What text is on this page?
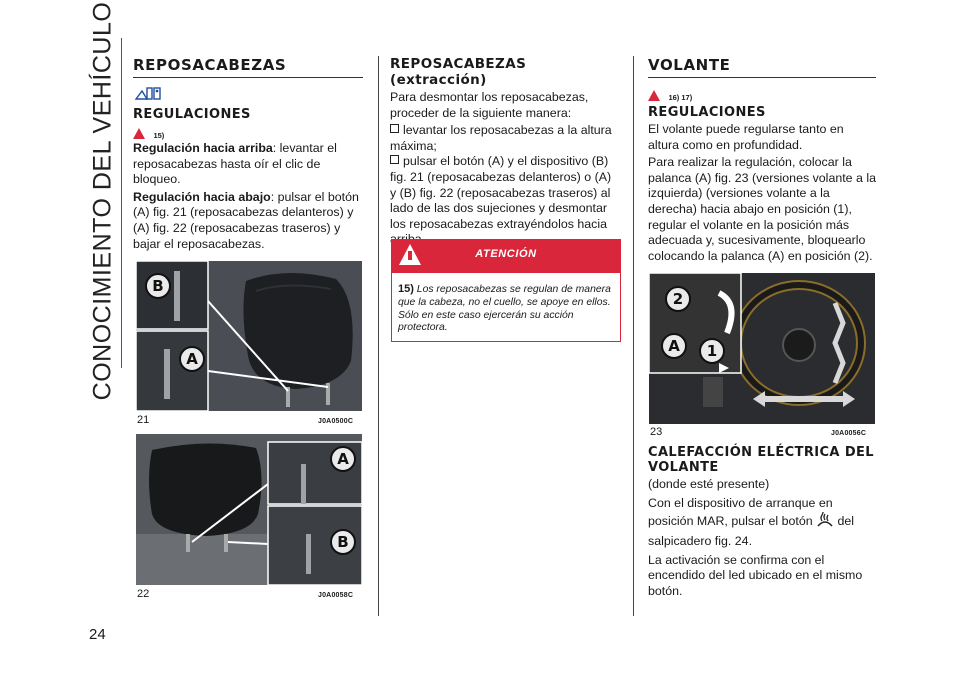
CONOCIMIENTO DEL VEHÍCULO
24
REPOSACABEZAS
REGULACIONES
15)

Regulación hacia arriba: levantar el reposacabezas hasta oír el clic de bloqueo.

Regulación hacia abajo: pulsar el botón (A) fig. 21 (reposacabezas delanteros) y (A) fig. 22 (reposacabezas traseros) y bajar el reposacabezas.

B
A
21	J0A0500C
A
B
22	J0A0058C
REPOSACABEZAS (extracción)

Para desmontar los reposacabezas, proceder de la siguiente manera:

levantar los reposacabezas a la altura máxima;

pulsar el botón (A) y el dispositivo (B) fig. 21 (reposacabezas delanteros) o (A) y (B) fig. 22 (reposacabezas traseros) al lado de las dos sujeciones y desmontar los reposacabezas extrayéndolos hacia

ATENCIÓN

15) Los reposacabezas se regulan de manera que la cabeza, no el cuello, se apoye en ellos. Sólo en este caso ejercerán su acción protectora.

VOLANTE
16) 17)
REGULACIONES

El volante puede regularse tanto en altura como en profundidad.

Para realizar la regulación, colocar la palanca (A) fig. 23 (versiones volante a la izquierda) (versiones volante a la derecha) hacia abajo en posición (1), regular el volante en la posición más adecuada y, sucesivamente, bloquearlo colocando la palanca (A) en posición (2).

2
A	1
23	J0A0056C
CALEFACCIÓN ELÉCTRICA DEL VOLANTE

(donde esté presente)

Con el dispositivo de arranque en posición MAR, pulsar el botón del salpicadero fig. 24.

La activación se confirma con el encendido del led ubicado en el mismo botón.
